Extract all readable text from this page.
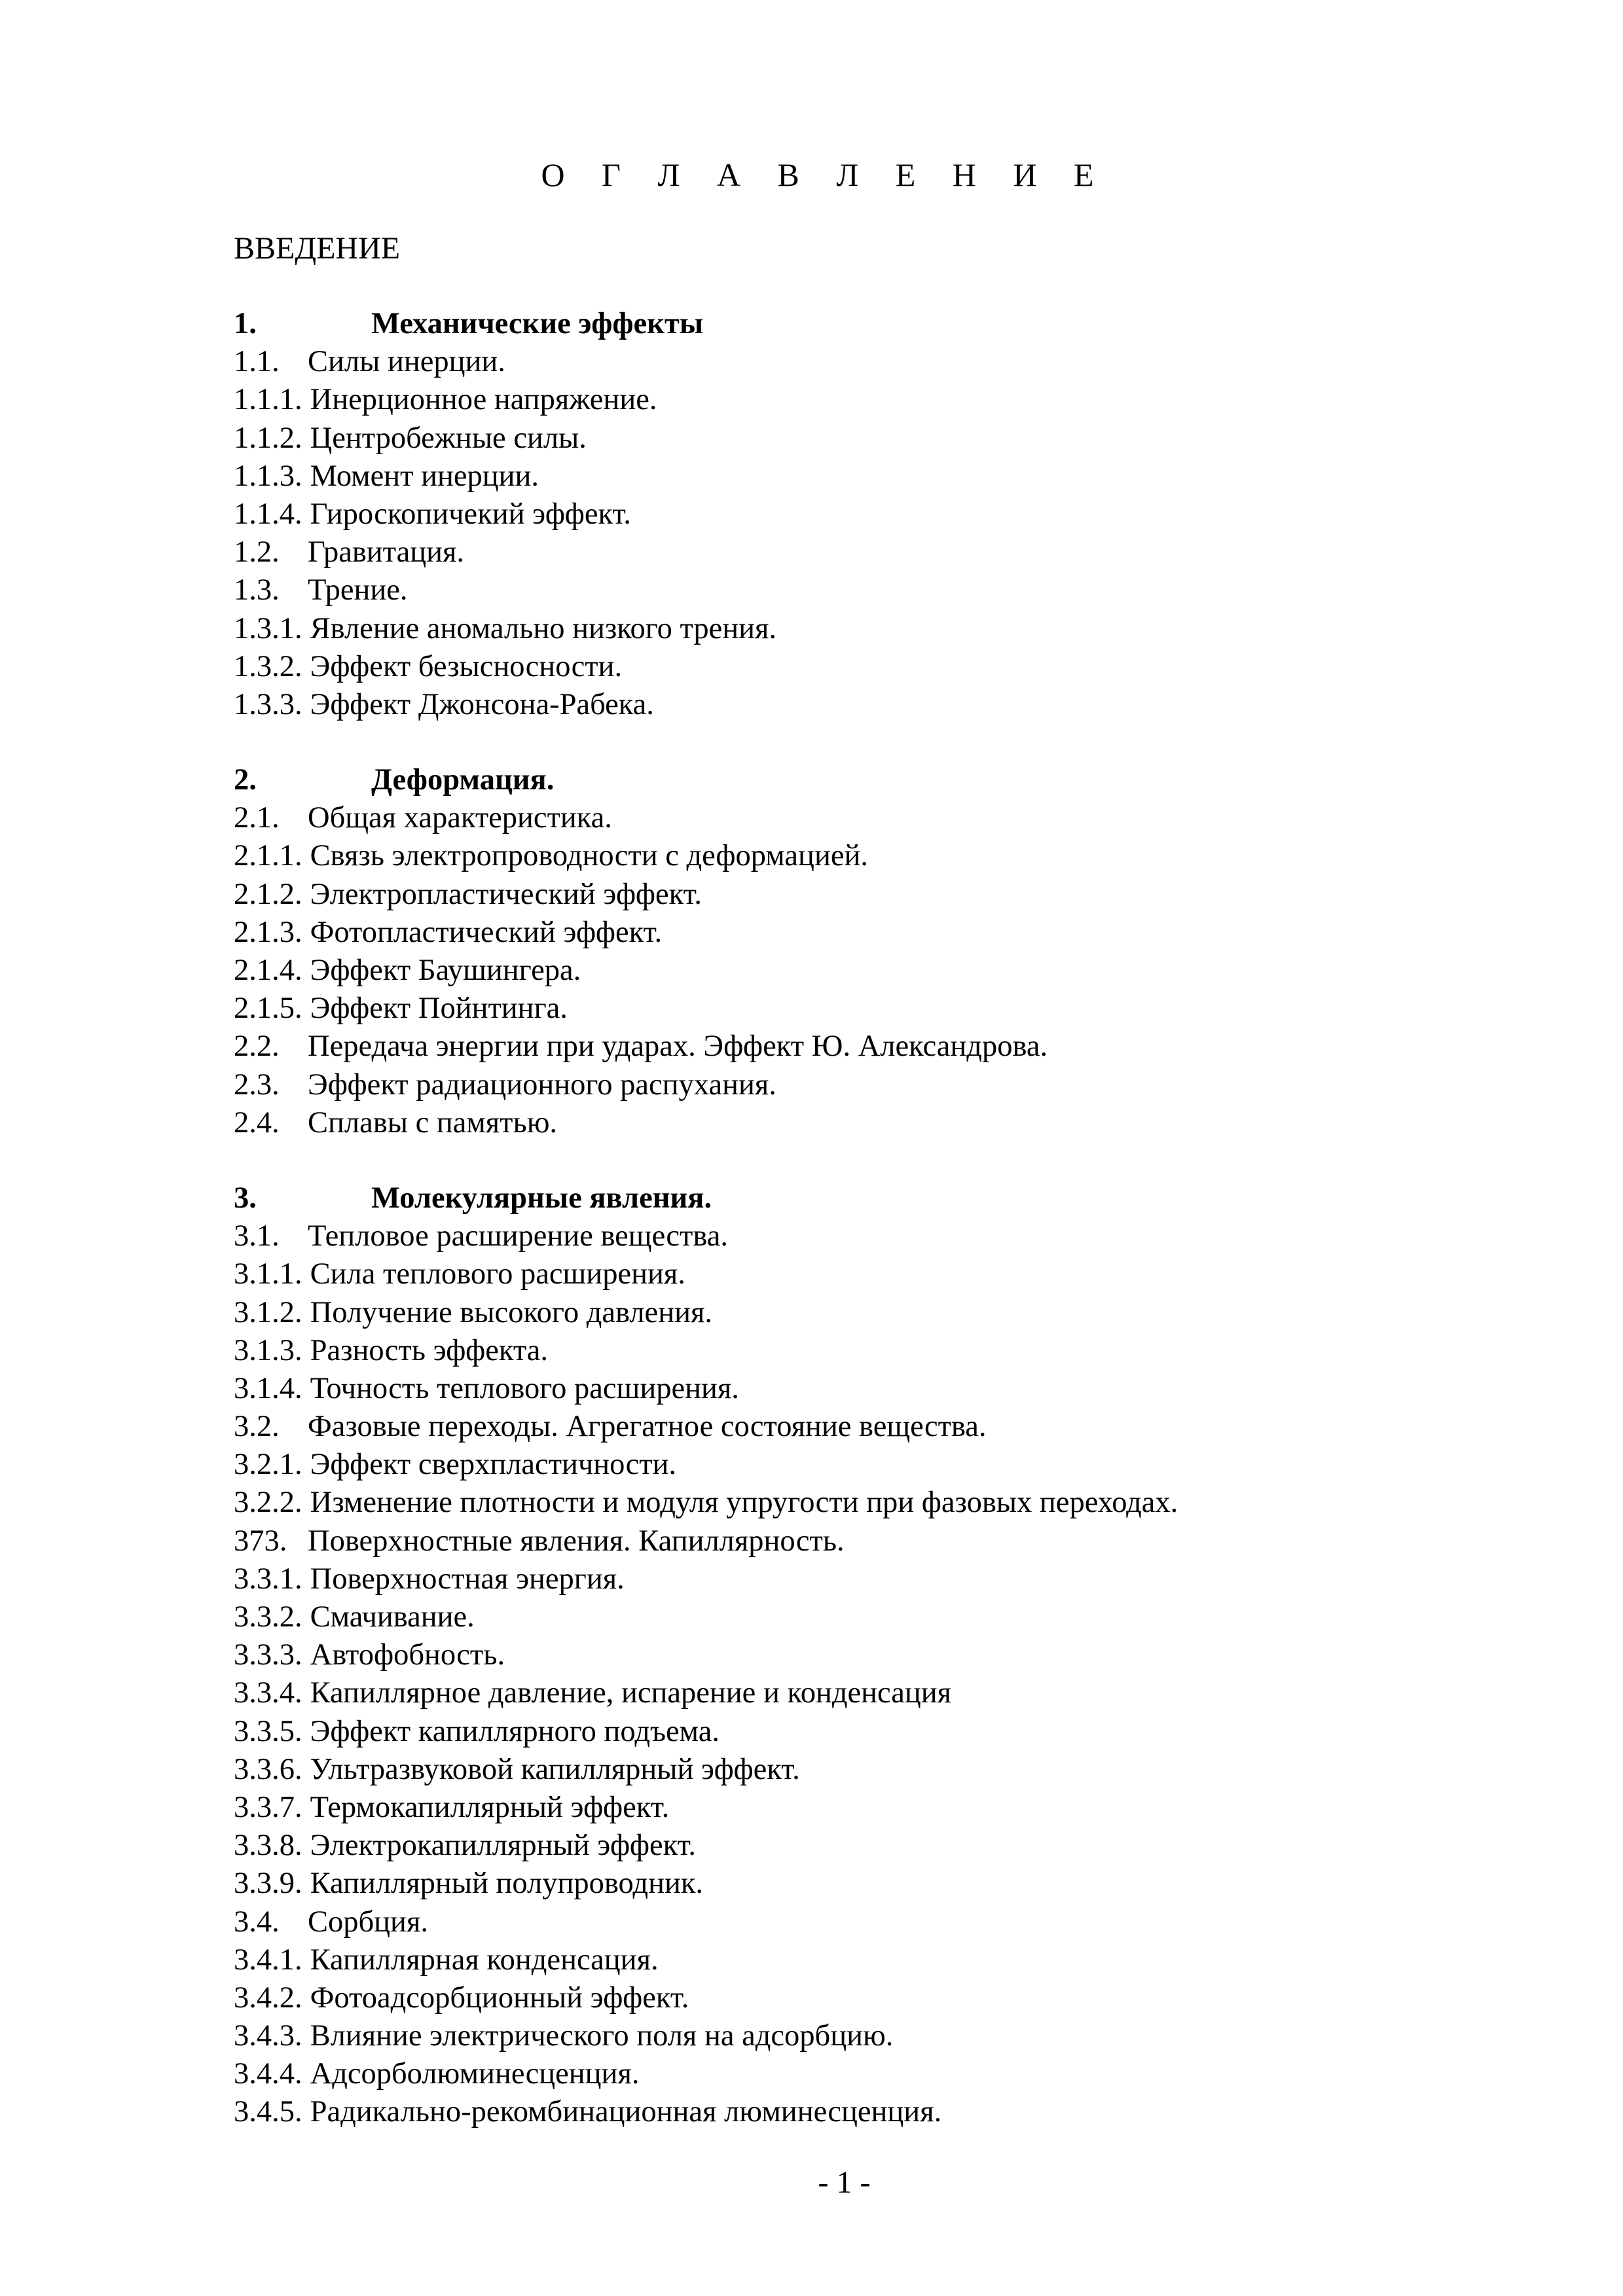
О Г Л А В Л Е Н И Е
ВВЕДЕНИЕ
1.	Механические эффекты
1.1. Силы инерции.
1.1.1. Инерционное напряжение.
1.1.2. Центробежные силы.
1.1.3. Момент инерции.
1.1.4. Гироскопичекий эффект.
1.2. Гравитация.
1.3. Трение.
1.3.1. Явление аномально низкого трения.
1.3.2. Эффект безысносности.
1.3.3. Эффект Джонсона-Рабека.
2.	Деформация.
2.1. Общая характеристика.
2.1.1. Связь электропроводности с деформацией.
2.1.2. Электропластический эффект.
2.1.3. Фотопластический эффект.
2.1.4. Эффект Баушингера.
2.1.5. Эффект Пойнтинга.
2.2. Передача энергии при ударах. Эффект Ю. Александрова.
2.3. Эффект радиационного распухания.
2.4. Сплавы с памятью.
3.	Молекулярные явления.
3.1. Тепловое расширение вещества.
3.1.1. Сила теплового расширения.
3.1.2. Получение высокого давления.
3.1.3. Разность эффекта.
3.1.4. Точность теплового расширения.
3.2. Фазовые переходы. Агрегатное состояние вещества.
3.2.1. Эффект сверхпластичности.
3.2.2. Изменение плотности и модуля упругости при фазовых переходах.
373. Поверхностные явления. Капиллярность.
3.3.1. Поверхностная энергия.
3.3.2. Смачивание.
3.3.3. Автофобность.
3.3.4. Капиллярное давление, испарение и конденсация
3.3.5. Эффект капиллярного подъема.
3.3.6. Ультразвуковой капиллярный эффект.
3.3.7. Термокапиллярный эффект.
3.3.8. Электрокапиллярный эффект.
3.3.9. Капиллярный полупроводник.
3.4. Сорбция.
3.4.1. Капиллярная конденсация.
3.4.2. Фотоадсорбционный эффект.
3.4.3. Влияние электрического поля на адсорбцию.
3.4.4. Адсорболюминесценция.
3.4.5. Радикально-рекомбинационная люминесценция.
- 1 -
